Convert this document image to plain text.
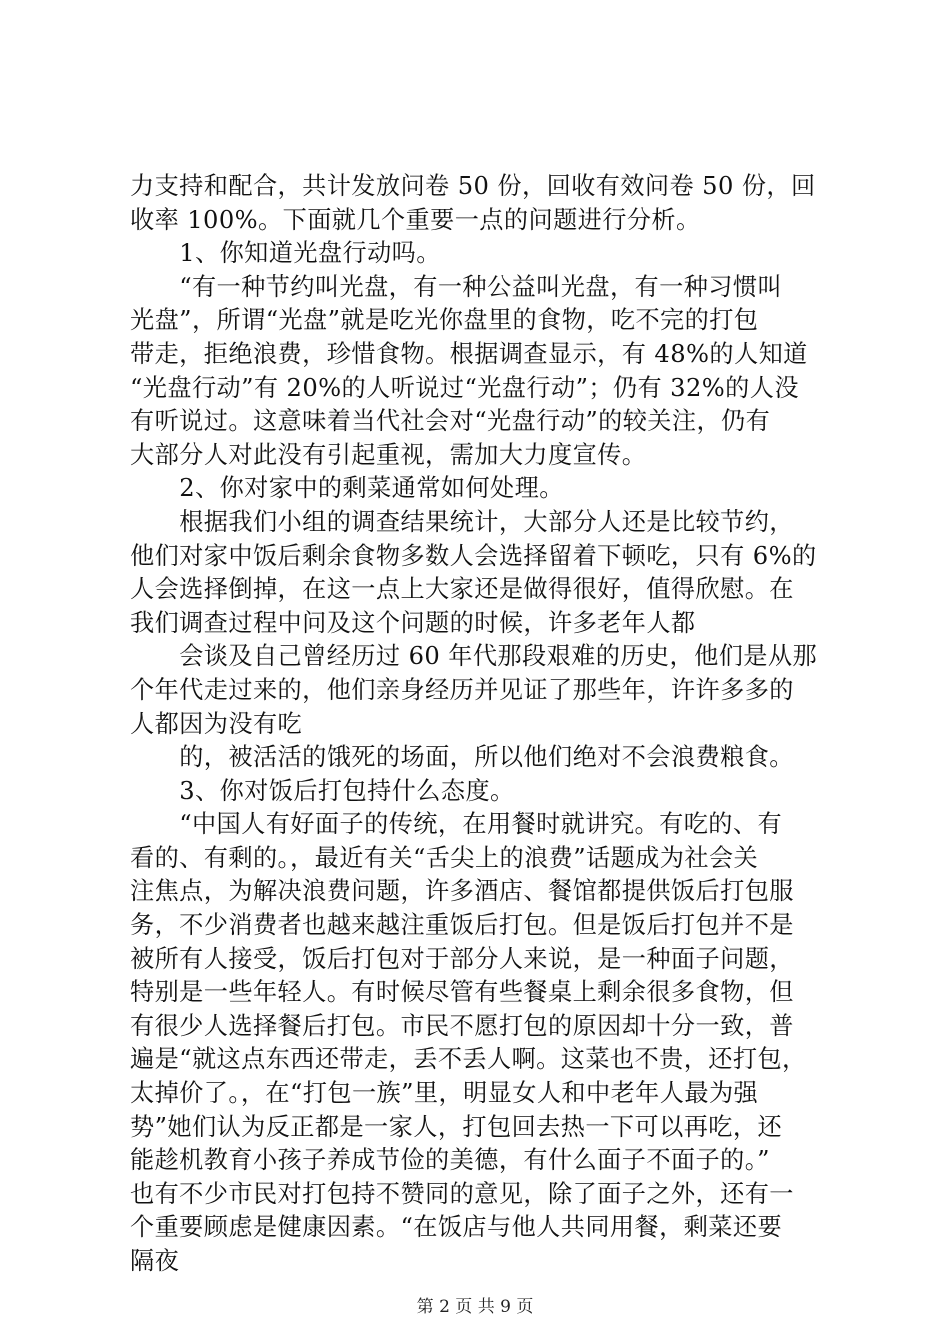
力支持和配合，共计发放问卷 50 份，回收有效问卷 50 份，回
收率 100%。下面就几个重要一点的问题进行分析。
1、你知道光盘行动吗。
“有一种节约叫光盘，有一种公益叫光盘，有一种习惯叫
光盘”，所谓“光盘”就是吃光你盘里的食物，吃不完的打包
带走，拒绝浪费，珍惜食物。根据调查显示，有 48%的人知道
“光盘行动”有 20%的人听说过“光盘行动”；仍有 32%的人没
有听说过。这意味着当代社会对“光盘行动”的较关注，仍有
大部分人对此没有引起重视，需加大力度宣传。
2、你对家中的剩菜通常如何处理。
根据我们小组的调查结果统计，大部分人还是比较节约，
他们对家中饭后剩余食物多数人会选择留着下顿吃，只有 6%的
人会选择倒掉，在这一点上大家还是做得很好，值得欣慰。在
我们调查过程中问及这个问题的时候，许多老年人都
会谈及自己曾经历过 60 年代那段艰难的历史，他们是从那
个年代走过来的，他们亲身经历并见证了那些年，许许多多的
人都因为没有吃
的，被活活的饿死的场面，所以他们绝对不会浪费粮食。
3、你对饭后打包持什么态度。
“中国人有好面子的传统，在用餐时就讲究。有吃的、有
看的、有剩的。，最近有关“舌尖上的浪费”话题成为社会关
注焦点，为解决浪费问题，许多酒店、餐馆都提供饭后打包服
务，不少消费者也越来越注重饭后打包。但是饭后打包并不是
被所有人接受，饭后打包对于部分人来说，是一种面子问题，
特别是一些年轻人。有时候尽管有些餐桌上剩余很多食物，但
有很少人选择餐后打包。市民不愿打包的原因却十分一致，普
遍是“就这点东西还带走，丢不丢人啊。这菜也不贵，还打包，
太掉价了。，在“打包一族”里，明显女人和中老年人最为强
势”她们认为反正都是一家人，打包回去热一下可以再吃，还
能趁机教育小孩子养成节俭的美德，有什么面子不面子的。”
也有不少市民对打包持不赞同的意见，除了面子之外，还有一
个重要顾虑是健康因素。“在饭店与他人共同用餐，剩菜还要
隔夜
第 2 页 共 9 页
